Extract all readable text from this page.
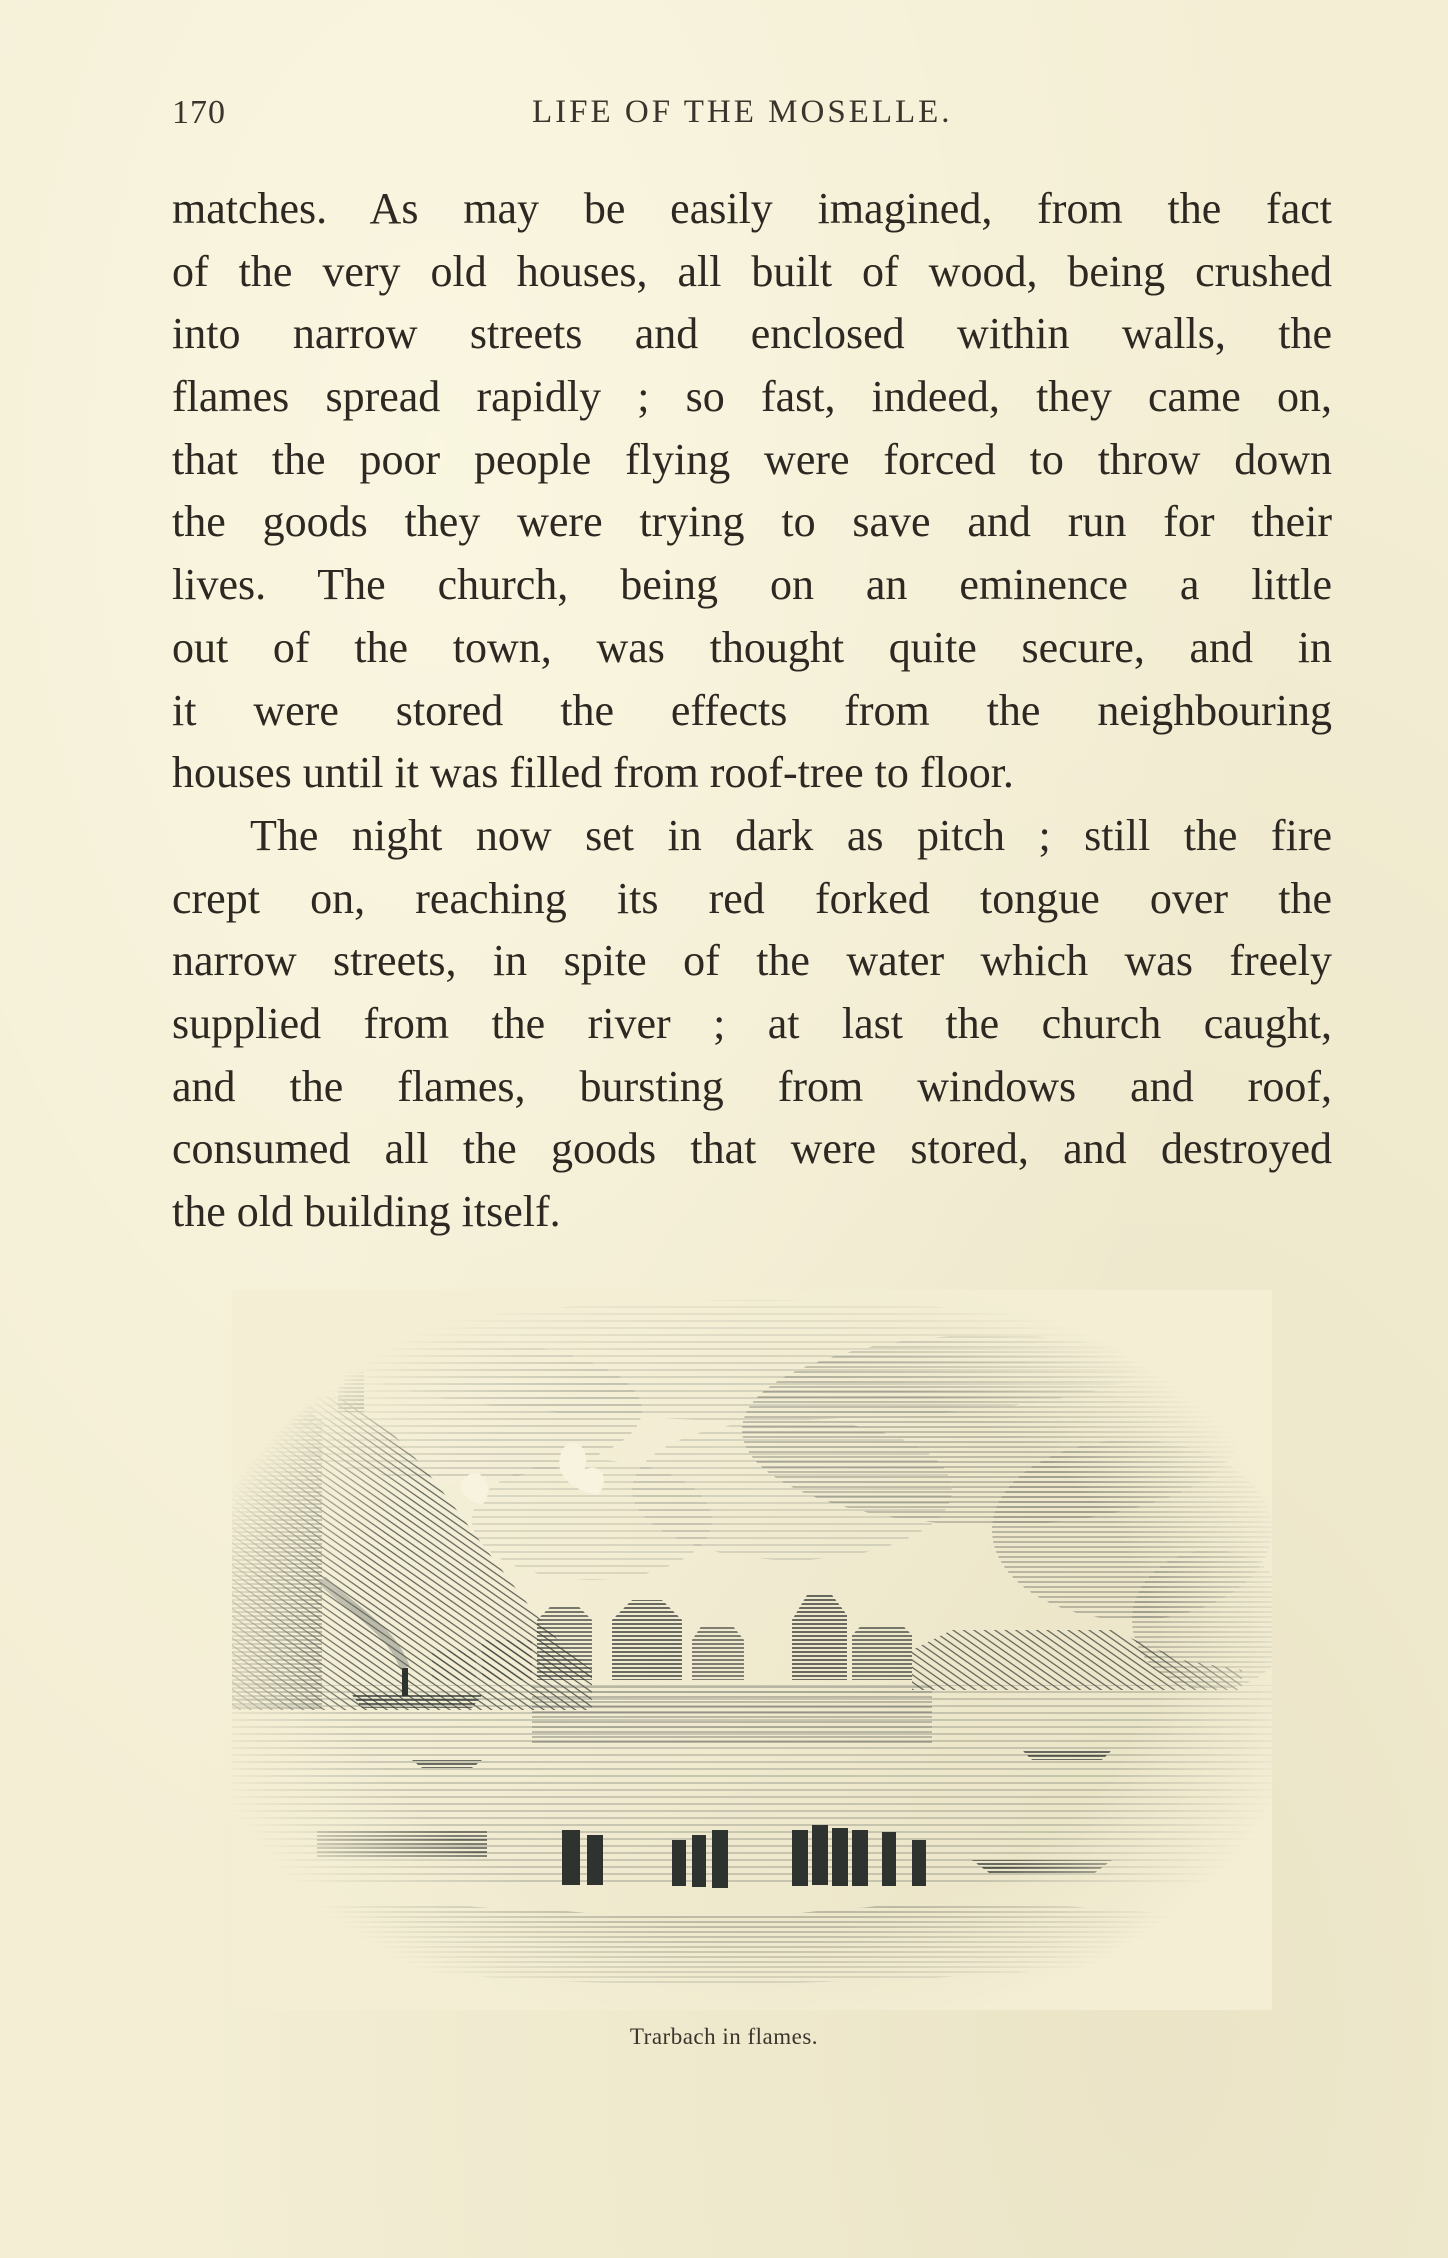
170	LIFE OF THE MOSELLE.
matches. As may be easily imagined, from the fact
of the very old houses, all built of wood, being crushed
into narrow streets and enclosed within walls, the
flames spread rapidly ; so fast, indeed, they came on,
that the poor people flying were forced to throw down
the goods they were trying to save and run for their
lives. The church, being on an eminence a little
out of the town, was thought quite secure, and in
it were stored the effects from the neighbouring
houses until it was filled from roof-tree to floor.
The night now set in dark as pitch ; still the fire
crept on, reaching its red forked tongue over the
narrow streets, in spite of the water which was freely
supplied from the river ; at last the church caught,
and the flames, bursting from windows and roof,
consumed all the goods that were stored, and destroyed
the old building itself.
Trarbach in flames.
